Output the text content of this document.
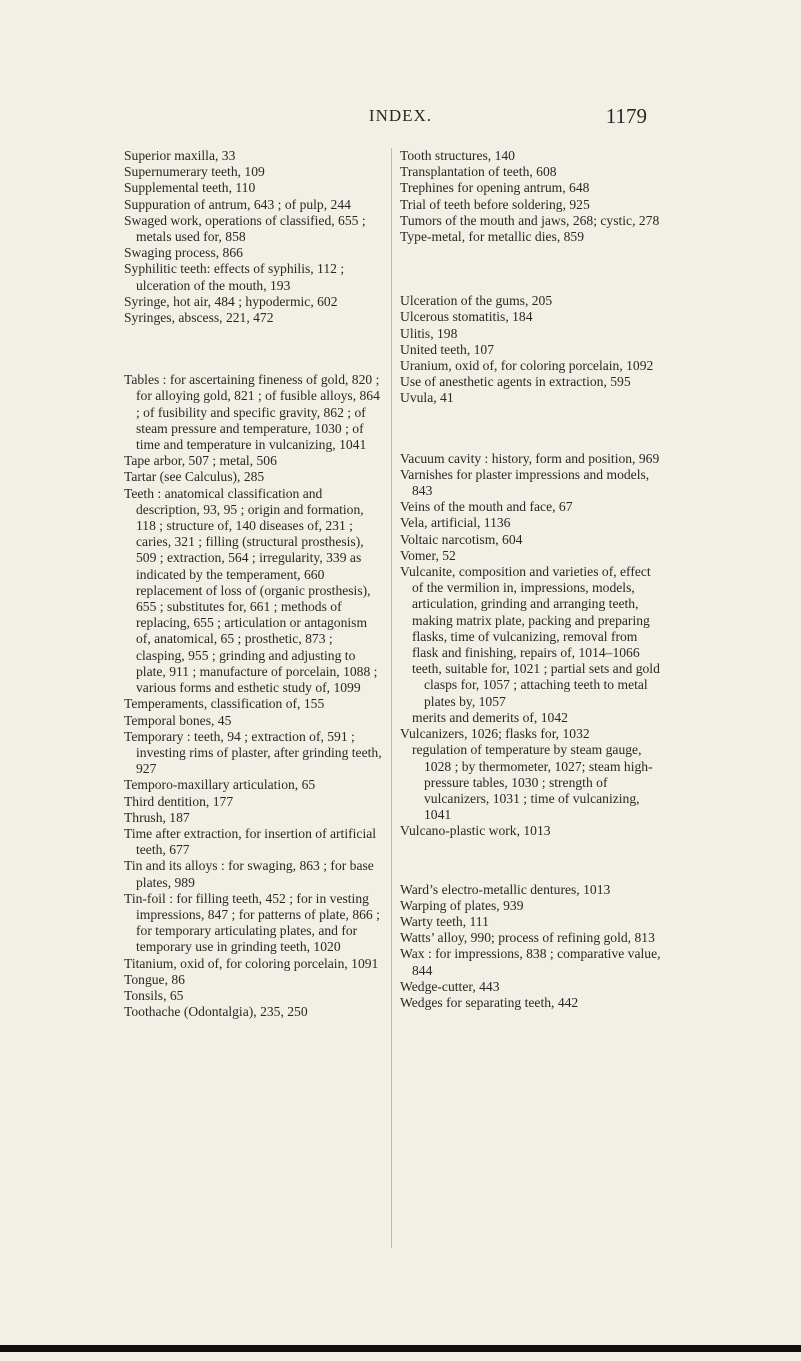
INDEX.	1179
Superior maxilla, 33
Supernumerary teeth, 109
Supplemental teeth, 110
Suppuration of antrum, 643 ; of pulp, 244
Swaged work, operations of classified, 655 ; metals used for, 858
Swaging process, 866
Syphilitic teeth: effects of syphilis, 112 ; ulceration of the mouth, 193
Syringe, hot air, 484 ; hypodermic, 602
Syringes, abscess, 221, 472
Tables : for ascertaining fineness of gold, 820 ; for alloying gold, 821 ; of fusible alloys, 864 ; of fusibility and specific gravity, 862 ; of steam pressure and temperature, 1030 ; of time and temperature in vulcanizing, 1041
Tape arbor, 507 ; metal, 506
Tartar (see Calculus), 285
Teeth : anatomical classification and description, 93, 95 ; origin and formation, 118 ; structure of, 140 diseases of, 231 ; caries, 321 ; filling (structural prosthesis), 509 ; extraction, 564 ; irregularity, 339 as indicated by the temperament, 660 replacement of loss of (organic prosthesis), 655 ; substitutes for, 661 ; methods of replacing, 655 ; articulation or antagonism of, anatomical, 65 ; prosthetic, 873 ; clasping, 955 ; grinding and adjusting to plate, 911 ; manufacture of porcelain, 1088 ; various forms and esthetic study of, 1099
Temperaments, classification of, 155
Temporal bones, 45
Temporary : teeth, 94 ; extraction of, 591 ; investing rims of plaster, after grinding teeth, 927
Temporo-maxillary articulation, 65
Third dentition, 177
Thrush, 187
Time after extraction, for insertion of artificial teeth, 677
Tin and its alloys : for swaging, 863 ; for base plates, 989
Tin-foil : for filling teeth, 452 ; for in vesting impressions, 847 ; for patterns of plate, 866 ; for temporary articulating plates, and for temporary use in grinding teeth, 1020
Titanium, oxid of, for coloring porcelain, 1091
Tongue, 86
Tonsils, 65
Toothache (Odontalgia), 235, 250
Tooth structures, 140
Transplantation of teeth, 608
Trephines for opening antrum, 648
Trial of teeth before soldering, 925
Tumors of the mouth and jaws, 268; cystic, 278
Type-metal, for metallic dies, 859
Ulceration of the gums, 205
Ulcerous stomatitis, 184
Ulitis, 198
United teeth, 107
Uranium, oxid of, for coloring porcelain, 1092
Use of anesthetic agents in extraction, 595
Uvula, 41
Vacuum cavity : history, form and position, 969
Varnishes for plaster impressions and models, 843
Veins of the mouth and face, 67
Vela, artificial, 1136
Voltaic narcotism, 604
Vomer, 52
Vulcanite, composition and varieties of, effect of the vermilion in, impressions, models, articulation, grinding and arranging teeth, making matrix plate, packing and preparing flasks, time of vulcanizing, removal from flask and finishing, repairs of, 1014–1066
teeth, suitable for, 1021 ; partial sets and gold clasps for, 1057 ; attaching teeth to metal plates by, 1057
merits and demerits of, 1042
Vulcanizers, 1026; flasks for, 1032
regulation of temperature by steam gauge, 1028 ; by thermometer, 1027; steam high-pressure tables, 1030 ; strength of vulcanizers, 1031 ; time of vulcanizing, 1041
Vulcano-plastic work, 1013
Ward’s electro-metallic dentures, 1013
Warping of plates, 939
Warty teeth, 111
Watts’ alloy, 990; process of refining gold, 813
Wax : for impressions, 838 ; comparative value, 844
Wedge-cutter, 443
Wedges for separating teeth, 442
